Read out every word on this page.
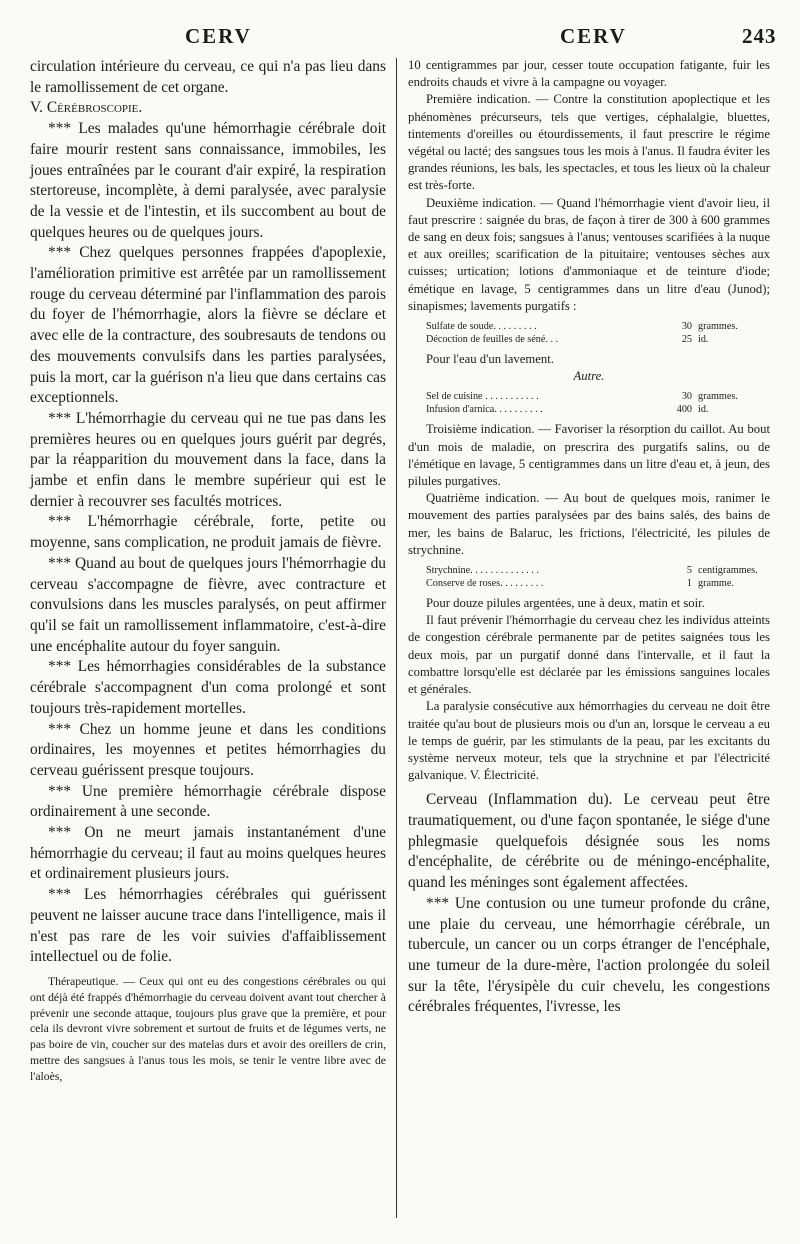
CERV	CERV	243

circulation intérieure du cerveau, ce qui n'a pas lieu dans le ramollissement de cet organe.

V. Cérébroscopie.

*** Les malades qu'une hémorrhagie cérébrale doit faire mourir restent sans connaissance, immobiles, les joues entraînées par le courant d'air expiré, la respiration stertoreuse, incomplète, à demi paralysée, avec paralysie de la vessie et de l'intestin, et ils succombent au bout de quelques heures ou de quelques jours.

*** Chez quelques personnes frappées d'apoplexie, l'amélioration primitive est arrêtée par un ramollissement rouge du cerveau déterminé par l'inflammation des parois du foyer de l'hémorrhagie, alors la fièvre se déclare et avec elle de la contracture, des soubresauts de tendons ou des mouvements convulsifs dans les parties paralysées, puis la mort, car la guérison n'a lieu que dans certains cas exceptionnels.

*** L'hémorrhagie du cerveau qui ne tue pas dans les premières heures ou en quelques jours guérit par degrés, par la réapparition du mouvement dans la face, dans la jambe et enfin dans le membre supérieur qui est le dernier à recouvrer ses facultés motrices.

*** L'hémorrhagie cérébrale, forte, petite ou moyenne, sans complication, ne produit jamais de fièvre.

*** Quand au bout de quelques jours l'hémorrhagie du cerveau s'accompagne de fièvre, avec contracture et convulsions dans les muscles paralysés, on peut affirmer qu'il se fait un ramollissement inflammatoire, c'est-à-dire une encéphalite autour du foyer sanguin.

*** Les hémorrhagies considérables de la substance cérébrale s'accompagnent d'un coma prolongé et sont toujours très-rapidement mortelles.

*** Chez un homme jeune et dans les conditions ordinaires, les moyennes et petites hémorrhagies du cerveau guérissent presque toujours.

*** Une première hémorrhagie cérébrale dispose ordinairement à une seconde.

*** On ne meurt jamais instantanément d'une hémorrhagie du cerveau; il faut au moins quelques heures et ordinairement plusieurs jours.

*** Les hémorrhagies cérébrales qui guérissent peuvent ne laisser aucune trace dans l'intelligence, mais il n'est pas rare de les voir suivies d'affaiblissement intellectuel ou de folie.

Thérapeutique. — Ceux qui ont eu des congestions cérébrales ou qui ont déjà été frappés d'hémorrhagie du cerveau doivent avant tout chercher à prévenir une seconde attaque, toujours plus grave que la première, et pour cela ils devront vivre sobrement et surtout de fruits et de légumes verts, ne pas boire de vin, coucher sur des matelas durs et avoir des oreillers de crin, mettre des sangsues à l'anus tous les mois, se tenir le ventre libre avec de l'aloès,

10 centigrammes par jour, cesser toute occupation fatigante, fuir les endroits chauds et vivre à la campagne ou voyager.

Première indication. — Contre la constitution apoplectique et les phénomènes précurseurs, tels que vertiges, céphalalgie, bluettes, tintements d'oreilles ou étourdissements, il faut prescrire le régime végétal ou lacté; des sangsues tous les mois à l'anus. Il faudra éviter les grandes réunions, les bals, les spectacles, et tous les lieux où la chaleur est très-forte.

Deuxième indication. — Quand l'hémorrhagie vient d'avoir lieu, il faut prescrire : saignée du bras, de façon à tirer de 300 à 600 grammes de sang en deux fois; sangsues à l'anus; ventouses scarifiées à la nuque et aux oreilles; scarification de la pituitaire; ventouses sèches aux cuisses; urtication; lotions d'ammoniaque et de teinture d'iode; émétique en lavage, 5 centigrammes dans un litre d'eau (Junod); sinapismes; lavements purgatifs :

Sulfate de soude. . . . . . . . .	30 grammes.
Décoction de feuilles de séné. . .	25 id.

Pour l'eau d'un lavement.

Autre.

Sel de cuisine . . . . . . . . . . .	30 grammes.
Infusion d'arnica. . . . . . . . . .	400 id.

Troisième indication. — Favoriser la résorption du caillot. Au bout d'un mois de maladie, on prescrira des purgatifs salins, ou de l'émétique en lavage, 5 centigrammes dans un litre d'eau et, à jeun, des pilules purgatives.

Quatrième indication. — Au bout de quelques mois, ranimer le mouvement des parties paralysées par des bains salés, des bains de mer, les bains de Balaruc, les frictions, l'électricité, les pilules de strychnine.

Strychnine. . . . . . . . . . . . . .	5 centigrammes.
Conserve de roses. . . . . . . . .	1 gramme.

Pour douze pilules argentées, une à deux, matin et soir.

Il faut prévenir l'hémorrhagie du cerveau chez les individus atteints de congestion cérébrale permanente par de petites saignées tous les deux mois, par un purgatif donné dans l'intervalle, et il faut la combattre lorsqu'elle est déclarée par les émissions sanguines locales et générales.

La paralysie consécutive aux hémorrhagies du cerveau ne doit être traitée qu'au bout de plusieurs mois ou d'un an, lorsque le cerveau a eu le temps de guérir, par les stimulants de la peau, par les excitants du système nerveux moteur, tels que la strychnine et par l'électricité galvanique. V. Électricité.

Cerveau (Inflammation du). Le cerveau peut être traumatiquement, ou d'une façon spontanée, le siége d'une phlegmasie quelquefois désignée sous les noms d'encéphalite, de cérébrite ou de méningo-encéphalite, quand les méninges sont également affectées.

*** Une contusion ou une tumeur profonde du crâne, une plaie du cerveau, une hémorrhagie cérébrale, un tubercule, un cancer ou un corps étranger de l'encéphale, une tumeur de la dure-mère, l'action prolongée du soleil sur la tête, l'érysipèle du cuir chevelu, les congestions cérébrales fréquentes, l'ivresse, les
